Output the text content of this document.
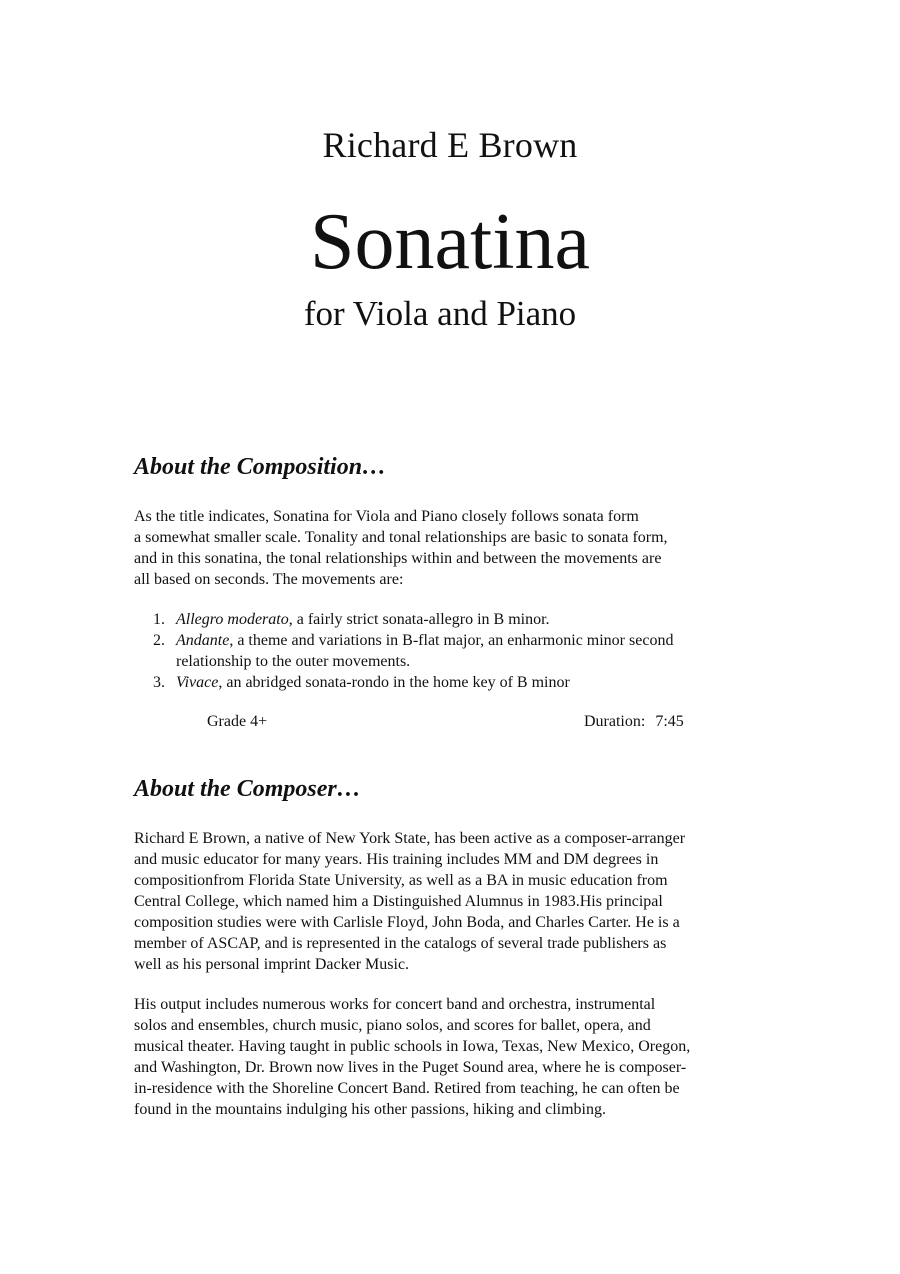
Richard E Brown
Sonatina
for Viola and Piano
About the Composition…

As the title indicates, Sonatina for Viola and Piano closely follows sonata form
a somewhat smaller scale. Tonality and tonal relationships are basic to sonata form,
and in this sonatina, the tonal relationships within and between the movements are
all based on seconds. The movements are:

1. Allegro moderato, a fairly strict sonata-allegro in B minor.
2. Andante, a theme and variations in B-flat major, an enharmonic minor second
relationship to the outer movements.
3. Vivace, an abridged sonata-rondo in the home key of B minor
Grade 4+	Duration: 7:45
About the Composer…

Richard E Brown, a native of New York State, has been active as a composer-arranger
and music educator for many years. His training includes MM and DM degrees in
compositionfrom Florida State University, as well as a BA in music education from
Central College, which named him a Distinguished Alumnus in 1983.His principal
composition studies were with Carlisle Floyd, John Boda, and Charles Carter. He is a
member of ASCAP, and is represented in the catalogs of several trade publishers as
well as his personal imprint Dacker Music.

His output includes numerous works for concert band and orchestra, instrumental
solos and ensembles, church music, piano solos, and scores for ballet, opera, and
musical theater. Having taught in public schools in Iowa, Texas, New Mexico, Oregon,
and Washington, Dr. Brown now lives in the Puget Sound area, where he is composer-
in-residence with the Shoreline Concert Band. Retired from teaching, he can often be
found in the mountains indulging his other passions, hiking and climbing.
